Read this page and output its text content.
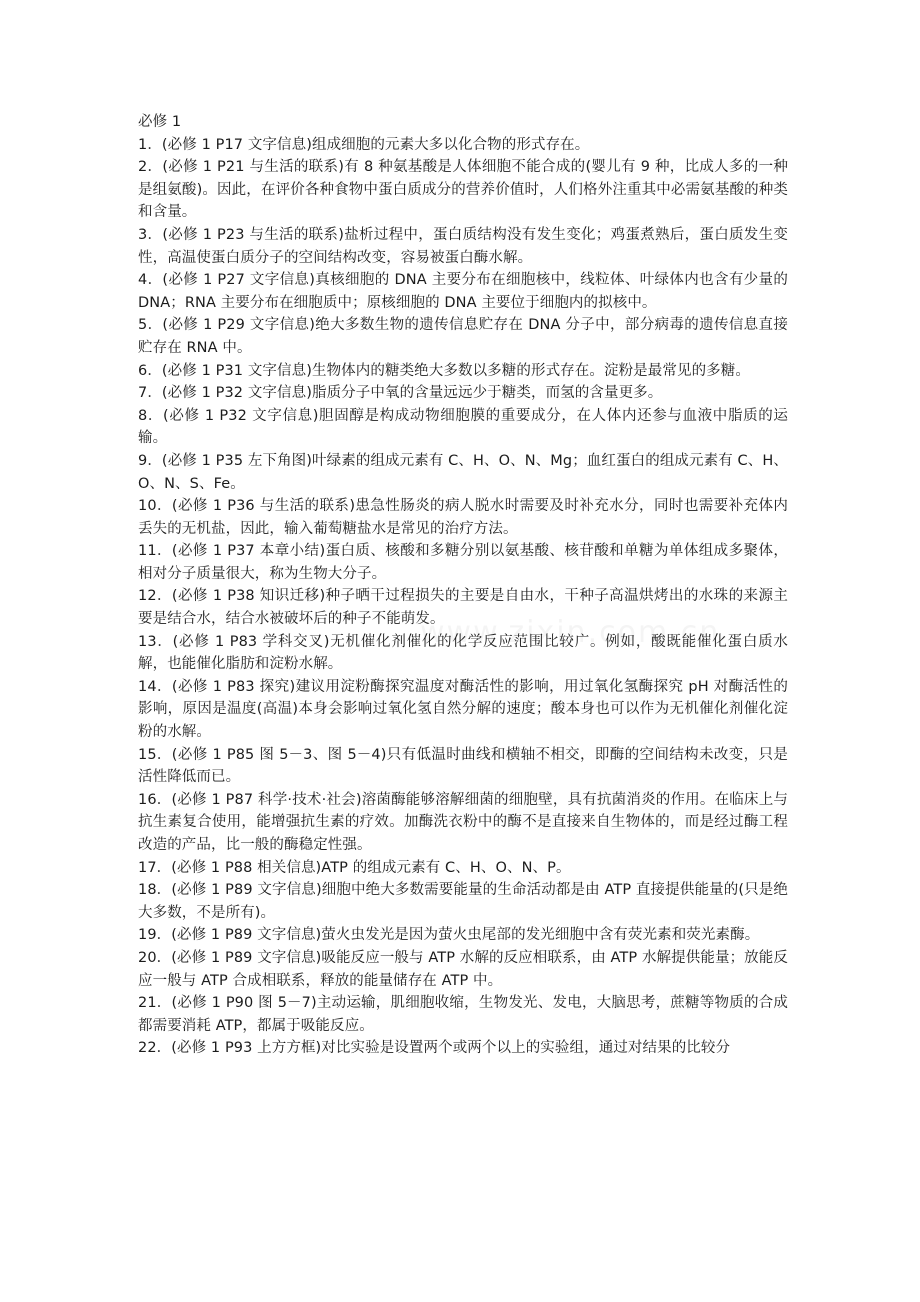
必修 1

1．(必修 1 P17 文字信息)组成细胞的元素大多以化合物的形式存在。

2．(必修 1 P21 与生活的联系)有 8 种氨基酸是人体细胞不能合成的(婴儿有 9 种，比成人多的一种是组氨酸)。因此，在评价各种食物中蛋白质成分的营养价值时，人们格外注重其中必需氨基酸的种类和含量。

3．(必修 1 P23 与生活的联系)盐析过程中，蛋白质结构没有发生变化；鸡蛋煮熟后，蛋白质发生变性，高温使蛋白质分子的空间结构改变，容易被蛋白酶水解。

4．(必修 1 P27 文字信息)真核细胞的 DNA 主要分布在细胞核中，线粒体、叶绿体内也含有少量的 DNA；RNA 主要分布在细胞质中；原核细胞的 DNA 主要位于细胞内的拟核中。

5．(必修 1 P29 文字信息)绝大多数生物的遗传信息贮存在 DNA 分子中，部分病毒的遗传信息直接贮存在 RNA 中。

6．(必修 1 P31 文字信息)生物体内的糖类绝大多数以多糖的形式存在。淀粉是最常见的多糖。

7．(必修 1 P32 文字信息)脂质分子中氧的含量远远少于糖类，而氢的含量更多。

8．(必修 1 P32 文字信息)胆固醇是构成动物细胞膜的重要成分，在人体内还参与血液中脂质的运输。

9．(必修 1 P35 左下角图)叶绿素的组成元素有 C、H、O、N、Mg；血红蛋白的组成元素有 C、H、O、N、S、Fe。

10．(必修 1 P36 与生活的联系)患急性肠炎的病人脱水时需要及时补充水分，同时也需要补充体内丢失的无机盐，因此，输入葡萄糖盐水是常见的治疗方法。

11．(必修 1 P37 本章小结)蛋白质、核酸和多糖分别以氨基酸、核苷酸和单糖为单体组成多聚体，相对分子质量很大，称为生物大分子。

12．(必修 1 P38 知识迁移)种子晒干过程损失的主要是自由水，干种子高温烘烤出的水珠的来源主要是结合水，结合水被破坏后的种子不能萌发。

13．(必修 1 P83 学科交叉)无机催化剂催化的化学反应范围比较广。例如，酸既能催化蛋白质水解，也能催化脂肪和淀粉水解。

14．(必修 1 P83 探究)建议用淀粉酶探究温度对酶活性的影响，用过氧化氢酶探究 pH 对酶活性的影响，原因是温度(高温)本身会影响过氧化氢自然分解的速度；酸本身也可以作为无机催化剂催化淀粉的水解。

15．(必修 1 P85 图 5－3、图 5－4)只有低温时曲线和横轴不相交，即酶的空间结构未改变，只是活性降低而已。

16．(必修 1 P87 科学·技术·社会)溶菌酶能够溶解细菌的细胞壁，具有抗菌消炎的作用。在临床上与抗生素复合使用，能增强抗生素的疗效。加酶洗衣粉中的酶不是直接来自生物体的，而是经过酶工程改造的产品，比一般的酶稳定性强。

17．(必修 1 P88 相关信息)ATP 的组成元素有 C、H、O、N、P。

18．(必修 1 P89 文字信息)细胞中绝大多数需要能量的生命活动都是由 ATP 直接提供能量的(只是绝大多数，不是所有)。

19．(必修 1 P89 文字信息)萤火虫发光是因为萤火虫尾部的发光细胞中含有荧光素和荧光素酶。

20．(必修 1 P89 文字信息)吸能反应一般与 ATP 水解的反应相联系，由 ATP 水解提供能量；放能反应一般与 ATP 合成相联系，释放的能量储存在 ATP 中。

21．(必修 1 P90 图 5－7)主动运输，肌细胞收缩，生物发光、发电，大脑思考，蔗糖等物质的合成都需要消耗 ATP，都属于吸能反应。

22．(必修 1 P93 上方方框)对比实验是设置两个或两个以上的实验组，通过对结果的比较分
